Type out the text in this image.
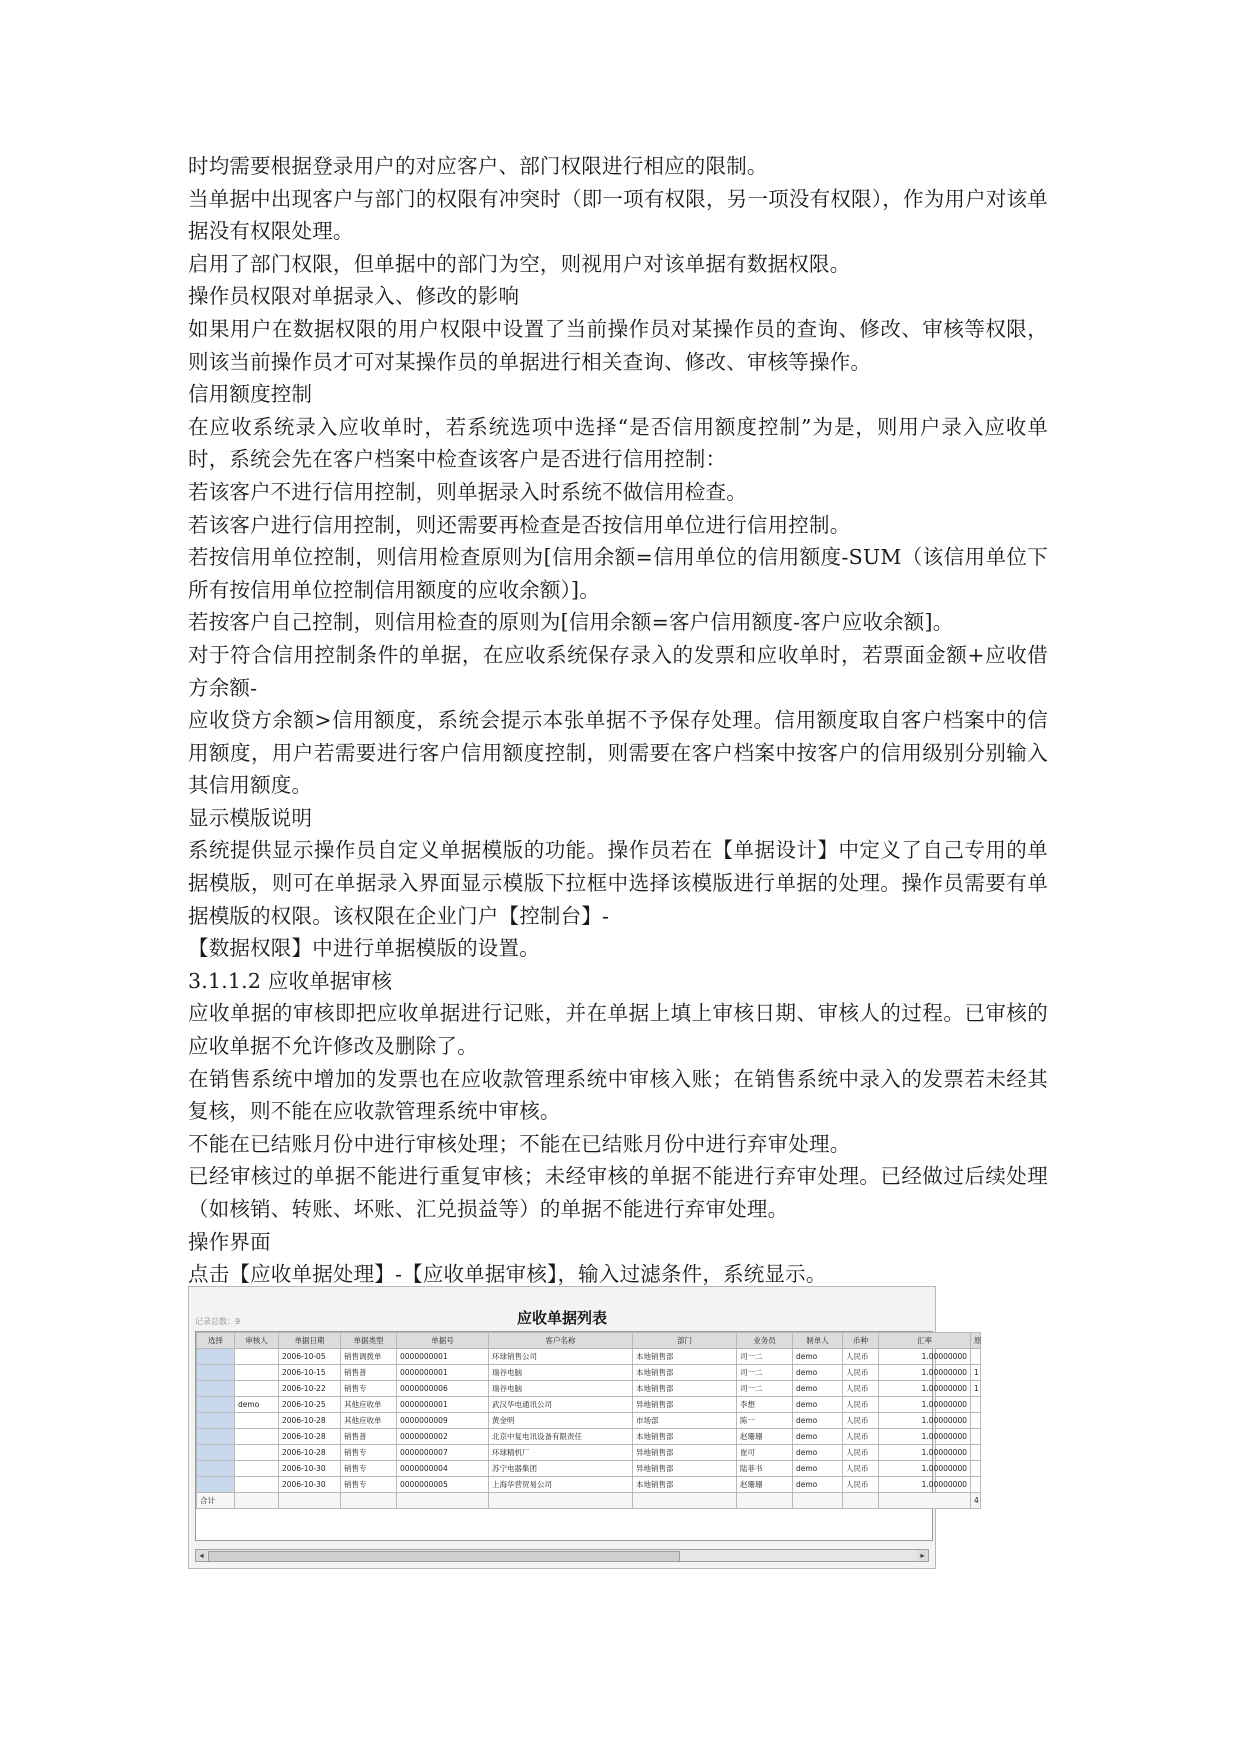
时均需要根据登录用户的对应客户、部门权限进行相应的限制。

当单据中出现客户与部门的权限有冲突时（即一项有权限，另一项没有权限），作为用户对该单据没有权限处理。

启用了部门权限，但单据中的部门为空，则视用户对该单据有数据权限。

操作员权限对单据录入、修改的影响

如果用户在数据权限的用户权限中设置了当前操作员对某操作员的查询、修改、审核等权限，则该当前操作员才可对某操作员的单据进行相关查询、修改、审核等操作。

信用额度控制

在应收系统录入应收单时，若系统选项中选择“是否信用额度控制”为是，则用户录入应收单时，系统会先在客户档案中检查该客户是否进行信用控制：

若该客户不进行信用控制，则单据录入时系统不做信用检查。

若该客户进行信用控制，则还需要再检查是否按信用单位进行信用控制。

若按信用单位控制，则信用检查原则为[信用余额=信用单位的信用额度-SUM（该信用单位下所有按信用单位控制信用额度的应收余额）]。

若按客户自己控制，则信用检查的原则为[信用余额=客户信用额度-客户应收余额]。

对于符合信用控制条件的单据，在应收系统保存录入的发票和应收单时，若票面金额+应收借方余额-

应收贷方余额>信用额度，系统会提示本张单据不予保存处理。信用额度取自客户档案中的信用额度，用户若需要进行客户信用额度控制，则需要在客户档案中按客户的信用级别分别输入其信用额度。

显示模版说明

系统提供显示操作员自定义单据模版的功能。操作员若在【单据设计】中定义了自己专用的单据模版，则可在单据录入界面显示模版下拉框中选择该模版进行单据的处理。操作员需要有单据模版的权限。该权限在企业门户【控制台】-

【数据权限】中进行单据模版的设置。

3.1.1.2 应收单据审核

应收单据的审核即把应收单据进行记账，并在单据上填上审核日期、审核人的过程。已审核的应收单据不允许修改及删除了。

在销售系统中增加的发票也在应收款管理系统中审核入账；在销售系统中录入的发票若未经其复核，则不能在应收款管理系统中审核。

不能在已结账月份中进行审核处理；不能在已结账月份中进行弃审处理。

已经审核过的单据不能进行重复审核；未经审核的单据不能进行弃审处理。已经做过后续处理（如核销、转账、坏账、汇兑损益等）的单据不能进行弃审处理。

操作界面

点击【应收单据处理】-【应收单据审核】，输入过滤条件，系统显示。

记录总数：9	应收单据列表
选择	审核人	单据日期	单据类型	单据号	客户名称	部门	业务员	制单人	币种	汇率	原
		2006-10-05	销售调拨单	0000000001	环球销售公司	本地销售部	司一二	demo	人民币	1.00000000	
		2006-10-15	销售普	0000000001	瑞谷电脑	本地销售部	司一二	demo	人民币	1.00000000	1
		2006-10-22	销售专	0000000006	瑞谷电脑	本地销售部	司一二	demo	人民币	1.00000000	1
	demo	2006-10-25	其他应收单	0000000001	武汉华电通讯公司	异地销售部	李想	demo	人民币	1.00000000	
		2006-10-28	其他应收单	0000000009	黄金明	市场部	陈一	demo	人民币	1.00000000	
		2006-10-28	销售普	0000000002	北京中复电讯设备有限责任	本地销售部	赵珊珊	demo	人民币	1.00000000	
		2006-10-28	销售专	0000000007	环球精机厂	异地销售部	崔可	demo	人民币	1.00000000	
		2006-10-30	销售专	0000000004	苏宁电器集团	异地销售部	陆菲书	demo	人民币	1.00000000	
		2006-10-30	销售专	0000000005	上海华营贸易公司	本地销售部	赵珊珊	demo	人民币	1.00000000	
合计											4
◂	▸
